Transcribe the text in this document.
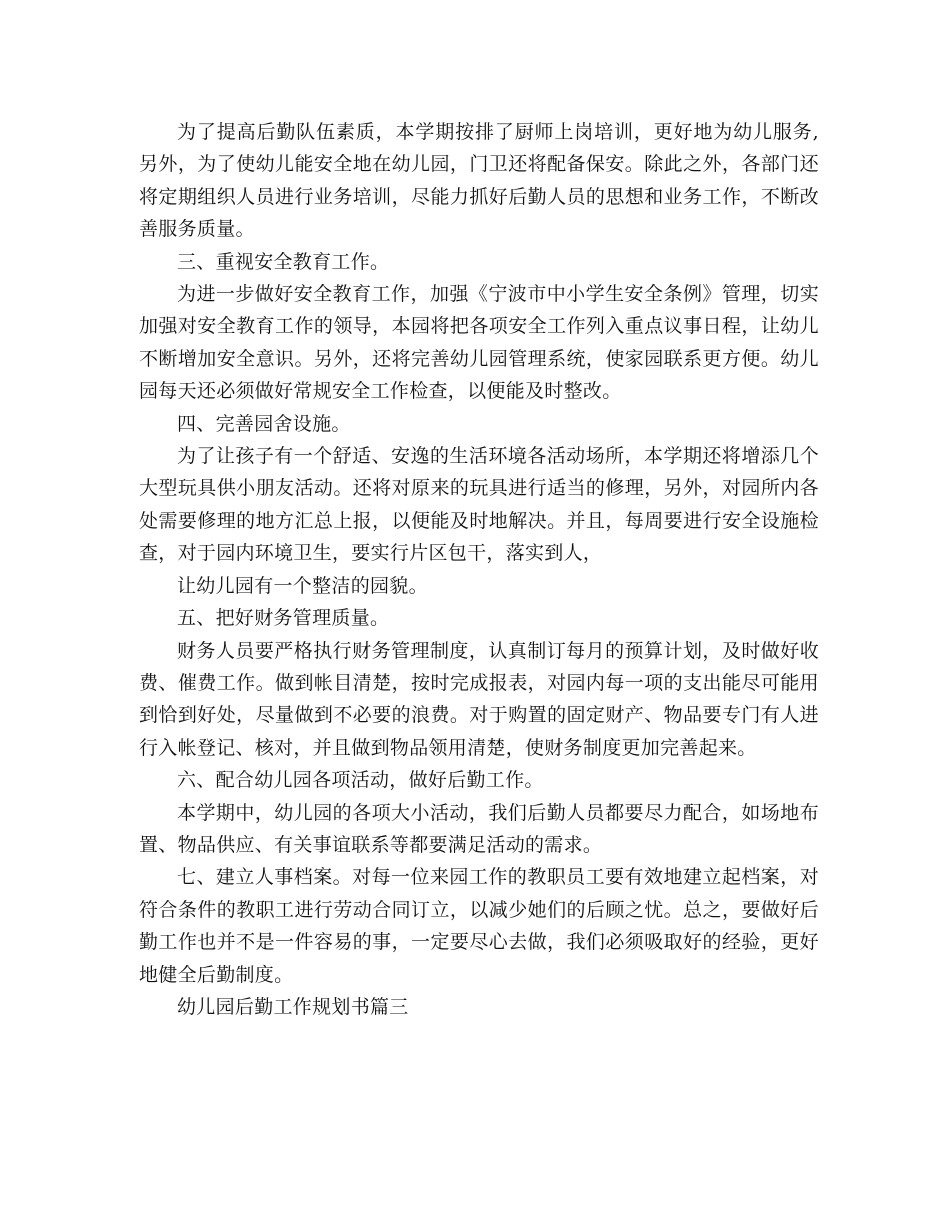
为了提高后勤队伍素质，本学期按排了厨师上岗培训，更好地为幼儿服务, 另外，为了使幼儿能安全地在幼儿园，门卫还将配备保安。除此之外，各部门还将定期组织人员进行业务培训，尽能力抓好后勤人员的思想和业务工作，不断改善服务质量。

三、重视安全教育工作。

为进一步做好安全教育工作，加强《宁波市中小学生安全条例》管理，切实加强对安全教育工作的领导，本园将把各项安全工作列入重点议事日程，让幼儿不断增加安全意识。另外，还将完善幼儿园管理系统，使家园联系更方便。幼儿园每天还必须做好常规安全工作检查，以便能及时整改。

四、完善园舍设施。

为了让孩子有一个舒适、安逸的生活环境各活动场所，本学期还将增添几个大型玩具供小朋友活动。还将对原来的玩具进行适当的修理，另外，对园所内各处需要修理的地方汇总上报，以便能及时地解决。并且，每周要进行安全设施检查，对于园内环境卫生，要实行片区包干，落实到人，

让幼儿园有一个整洁的园貌。

五、把好财务管理质量。

财务人员要严格执行财务管理制度，认真制订每月的预算计划，及时做好收费、催费工作。做到帐目清楚，按时完成报表，对园内每一项的支出能尽可能用到恰到好处，尽量做到不必要的浪费。对于购置的固定财产、物品要专门有人进行入帐登记、核对，并且做到物品领用清楚，使财务制度更加完善起来。

六、配合幼儿园各项活动，做好后勤工作。

本学期中，幼儿园的各项大小活动，我们后勤人员都要尽力配合，如场地布置、物品供应、有关事谊联系等都要满足活动的需求。

七、建立人事档案。对每一位来园工作的教职员工要有效地建立起档案，对符合条件的教职工进行劳动合同订立，以减少她们的后顾之忧。总之，要做好后勤工作也并不是一件容易的事，一定要尽心去做，我们必须吸取好的经验，更好地健全后勤制度。

幼儿园后勤工作规划书篇三
